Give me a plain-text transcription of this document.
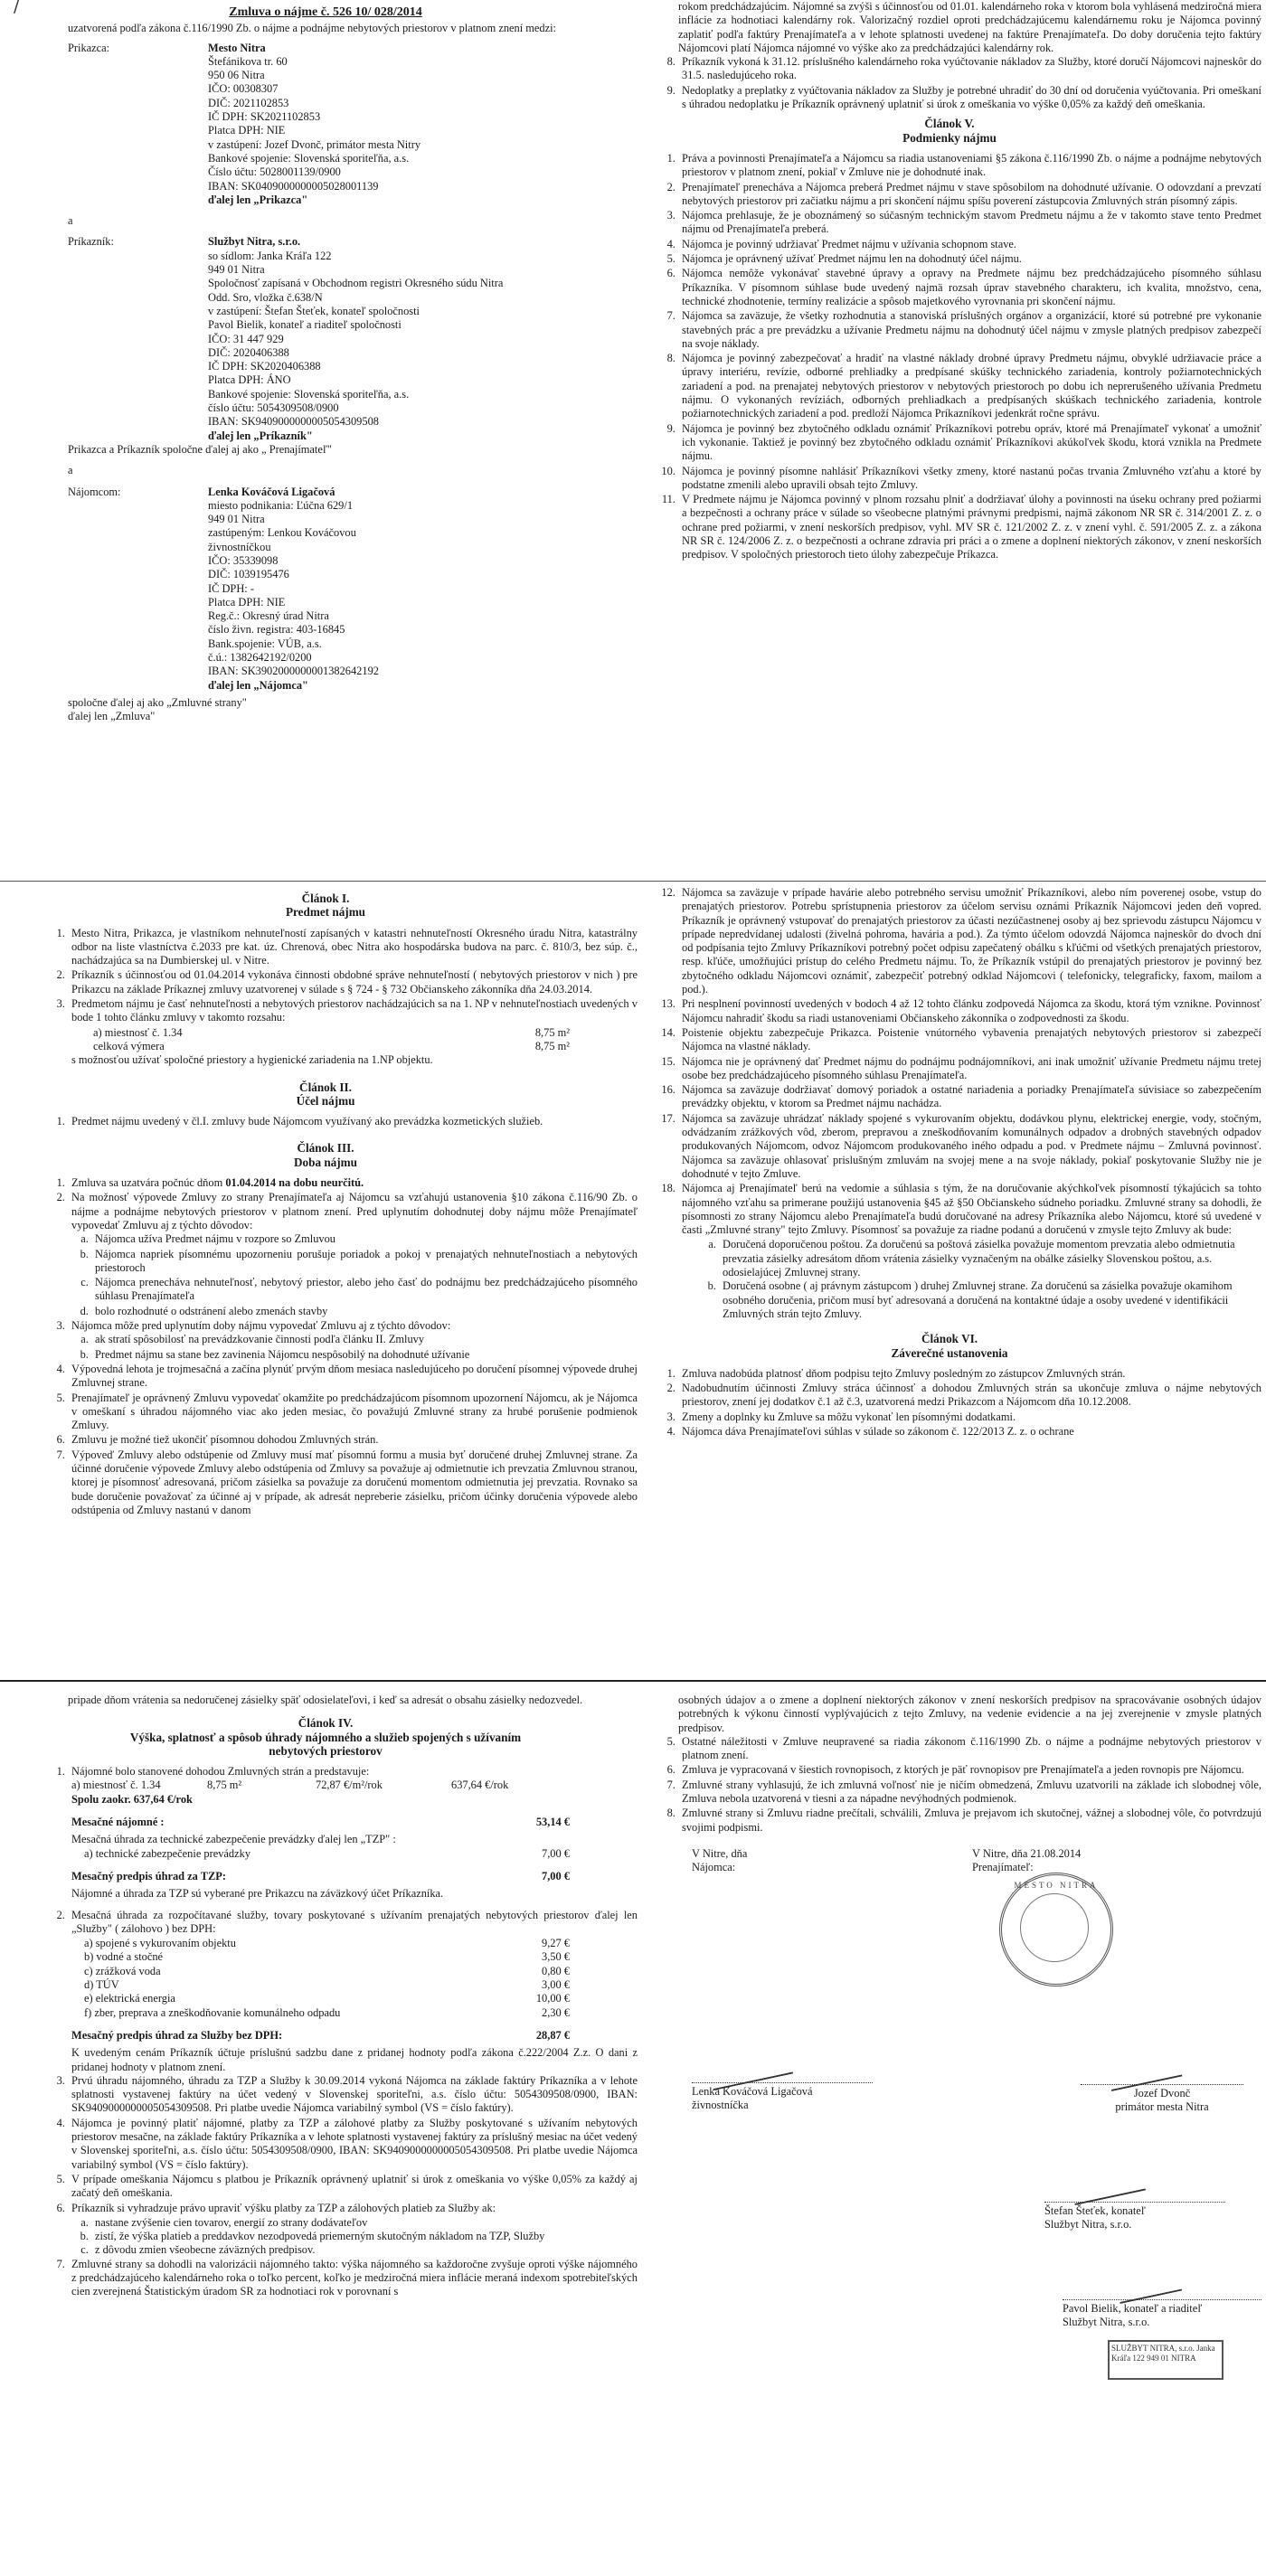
/	Zmluva o nájme č. 526 10/ 028/2014
uzatvorená podľa zákona č.116/1990 Zb. o nájme a podnájme nebytových priestorov v platnom znení medzi:
Prikazca:	Mesto Nitra
Štefánikova tr. 60
950 06 Nitra
IČO: 00308307
DIČ: 2021102853
IČ DPH: SK2021102853
Platca DPH: NIE
v zastúpení: Jozef Dvonč, primátor mesta Nitry
Bankové spojenie: Slovenská sporiteľňa, a.s.
Číslo účtu: 5028001139/0900
IBAN: SK0409000000005028001139
ďalej len „Prikazca"
a
Príkazník:	Službyt Nitra, s.r.o.
so sídlom: Janka Kráľa 122
949 01 Nitra
Spoločnosť zapísaná v Obchodnom registri Okresného súdu Nitra
Odd. Sro, vložka č.638/N
v zastúpení: Štefan Šteťek, konateľ spoločnosti
Pavol Bielik, konateľ a riaditeľ spoločnosti
IČO: 31 447 929
DIČ: 2020406388
IČ DPH: SK2020406388
Platca DPH: ÁNO
Bankové spojenie: Slovenská sporiteľňa, a.s.
číslo účtu: 5054309508/0900
IBAN: SK9409000000005054309508
ďalej len „Príkazník"
Prikazca a Príkazník spoločne ďalej aj ako „ Prenajímateľ"
a
Nájomcom:	Lenka Kováčová Ligačová
miesto podnikania: Ľúčna 629/1
949 01 Nitra
zastúpeným: Lenkou Kováčovou
živnostníčkou
IČO: 35339098
DIČ: 1039195476
IČ DPH: -
Platca DPH: NIE
Reg.č.: Okresný úrad Nitra
číslo živn. registra: 403-16845
Bank.spojenie: VÚB, a.s.
č.ú.: 1382642192/0200
IBAN: SK3902000000001382642192
ďalej len „Nájomca"
spoločne ďalej aj ako „Zmluvné strany"
ďalej len „Zmluva"
rokom predchádzajúcim. Nájomné sa zvýši s účinnosťou od 01.01. kalendárneho roka v ktorom bola vyhlásená medziročná miera inflácie za hodnotiaci kalendárny rok. Valorizačný rozdiel oproti predchádzajúcemu kalendárnemu roku je Nájomca povinný zaplatiť podľa faktúry Prenajímateľa a v lehote splatnosti uvedenej na faktúre Prenajímateľa. Do doby doručenia tejto faktúry Nájomcovi platí Nájomca nájomné vo výške ako za predchádzajúci kalendárny rok.
8. Príkazník vykoná k 31.12. príslušného kalendárneho roka vyúčtovanie nákladov za Služby, ktoré doručí Nájomcovi najneskôr do 31.5. nasledujúceho roka.
9. Nedoplatky a preplatky z vyúčtovania nákladov za Služby je potrebné uhradiť do 30 dní od doručenia vyúčtovania. Pri omeškaní s úhradou nedoplatku je Príkazník oprávnený uplatniť si úrok z omeškania vo výške 0,05% za každý deň omeškania.
Článok V.
Podmienky nájmu
1. Práva a povinnosti Prenajímateľa a Nájomcu sa riadia ustanoveniami §5 zákona č.116/1990 Zb. o nájme a podnájme nebytových priestorov v platnom znení, pokiaľ v Zmluve nie je dohodnuté inak.
2. Prenajímateľ prenecháva a Nájomca preberá Predmet nájmu v stave spôsobilom na dohodnuté užívanie. O odovzdaní a prevzatí nebytových priestorov pri začiatku nájmu a pri skončení nájmu spíšu poverení zástupcovia Zmluvných strán písomný zápis.
3. Nájomca prehlasuje, že je oboznámený so súčasným technickým stavom Predmetu nájmu a že v takomto stave tento Predmet nájmu od Prenajímateľa preberá.
4. Nájomca je povinný udržiavať Predmet nájmu v užívania schopnom stave.
5. Nájomca je oprávnený užívať Predmet nájmu len na dohodnutý účel nájmu.
6. Nájomca nemôže vykonávať stavebné úpravy a opravy na Predmete nájmu bez predchádzajúceho písomného súhlasu Príkazníka. V písomnom súhlase bude uvedený najmä rozsah úprav stavebného charakteru, ich kvalita, množstvo, cena, technické zhodnotenie, termíny realizácie a spôsob majetkového vyrovnania pri skončení nájmu.
7. Nájomca sa zaväzuje, že všetky rozhodnutia a stanoviská príslušných orgánov a organizácií, ktoré sú potrebné pre vykonanie stavebných prác a pre prevádzku a užívanie Predmetu nájmu na dohodnutý účel nájmu v zmysle platných predpisov zabezpečí na svoje náklady.
8. Nájomca je povinný zabezpečovať a hradiť na vlastné náklady drobné úpravy Predmetu nájmu, obvyklé udržiavacie práce a úpravy interiéru, revízie, odborné prehliadky a predpísané skúšky technického zariadenia, kontroly požiarnotechnických zariadení a pod. na prenajatej nebytových priestorov v nebytových priestoroch po dobu ich neprerušeného užívania Predmetu nájmu. O vykonaných revíziách, odborných prehliadkach a predpísaných skúškach technického zariadenia, kontrole požiarnotechnických zariadení a pod. predloží Nájomca Príkazníkovi jedenkrát ročne správu.
9. Nájomca je povinný bez zbytočného odkladu oznámiť Príkazníkovi potrebu opráv, ktoré má Prenajímateľ vykonať a umožniť ich vykonanie. Taktiež je povinný bez zbytočného odkladu oznámiť Príkazníkovi akúkoľvek škodu, ktorá vznikla na Predmete nájmu.
10. Nájomca je povinný písomne nahlásiť Príkazníkovi všetky zmeny, ktoré nastanú počas trvania Zmluvného vzťahu a ktoré by podstatne zmenili alebo upravili obsah tejto Zmluvy.
11. V Predmete nájmu je Nájomca povinný v plnom rozsahu plniť a dodržiavať úlohy a povinnosti na úseku ochrany pred požiarmi a bezpečnosti a ochrany práce v súlade so všeobecne platnými právnymi predpismi, najmä zákonom NR SR č. 314/2001 Z. z. o ochrane pred požiarmi, v znení neskorších predpisov, vyhl. MV SR č. 121/2002 Z. z. v znení vyhl. č. 591/2005 Z. z. a zákona NR SR č. 124/2006 Z. z. o bezpečnosti a ochrane zdravia pri práci a o zmene a doplnení niektorých zákonov, v znení neskorších predpisov. V spoločných priestoroch tieto úlohy zabezpečuje Príkazca.
Článok I.
Predmet nájmu
1. Mesto Nitra, Prikazca, je vlastníkom nehnuteľností zapísaných v katastri nehnuteľností Okresného úradu Nitra, katastrálny odbor na liste vlastníctva č.2033 pre kat. úz. Chrenová, obec Nitra ako hospodárska budova na parc. č. 810/3, bez súp. č., nachádzajúca sa na Dumbierskej ul. v Nitre.
2. Príkazník s účinnosťou od 01.04.2014 vykonáva činnosti obdobné správe nehnuteľností ( nebytových priestorov v nich ) pre Prikazcu na základe Príkaznej zmluvy uzatvorenej v súlade s § 724 - § 732 Občianskeho zákonníka dňa 24.03.2014.
3. Predmetom nájmu je časť nehnuteľnosti a nebytových priestorov nachádzajúcich sa na 1. NP v nehnuteľnostiach uvedených v bode 1 tohto článku zmluvy v takomto rozsahu:
a) miestnosť č. 1.34	8,75 m²
celková výmera	8,75 m²
s možnosťou užívať spoločné priestory a hygienické zariadenia na 1.NP objektu.
Článok II.
Účel nájmu
1. Predmet nájmu uvedený v čl.I. zmluvy bude Nájomcom využívaný ako prevádzka kozmetických služieb.
Článok III.
Doba nájmu
1. Zmluva sa uzatvára počnúc dňom 01.04.2014 na dobu neurčitú.
2. Na možnosť výpovede Zmluvy zo strany Prenajímateľa aj Nájomcu sa vzťahujú ustanovenia §10 zákona č.116/90 Zb. o nájme a podnájme nebytových priestorov v platnom znení. Pred uplynutím dohodnutej doby nájmu môže Prenajímateľ vypovedať Zmluvu aj z týchto dôvodov:
a. Nájomca užíva Predmet nájmu v rozpore so Zmluvou
b. Nájomca napriek písomnému upozorneniu porušuje poriadok a pokoj v prenajatých nehnuteľnostiach a nebytových priestoroch
c. Nájomca prenecháva nehnuteľnosť, nebytový priestor, alebo jeho časť do podnájmu bez predchádzajúceho písomného súhlasu Prenajímateľa
d. bolo rozhodnuté o odstránení alebo zmenách stavby
3. Nájomca môže pred uplynutím doby nájmu vypovedať Zmluvu aj z týchto dôvodov:
a. ak stratí spôsobilosť na prevádzkovanie činnosti podľa článku II. Zmluvy
b. Predmet nájmu sa stane bez zavinenia Nájomcu nespôsobilý na dohodnuté užívanie
4. Výpovedná lehota je trojmesačná a začína plynúť prvým dňom mesiaca nasledujúceho po doručení písomnej výpovede druhej Zmluvnej strane.
5. Prenajímateľ je oprávnený Zmluvu vypovedať okamžite po predchádzajúcom písomnom upozornení Nájomcu, ak je Nájomca v omeškaní s úhradou nájomného viac ako jeden mesiac, čo považujú Zmluvné strany za hrubé porušenie podmienok Zmluvy.
6. Zmluvu je možné tiež ukončiť písomnou dohodou Zmluvných strán.
7. Výpoveď Zmluvy alebo odstúpenie od Zmluvy musí mať písomnú formu a musia byť doručené druhej Zmluvnej strane. Za účinné doručenie výpovede Zmluvy alebo odstúpenia od Zmluvy sa považuje aj odmietnutie ich prevzatia Zmluvnou stranou, ktorej je písomnosť adresovaná, pričom zásielka sa považuje za doručenú momentom odmietnutia jej prevzatia. Rovnako sa bude doručenie považovať za účinné aj v prípade, ak adresát nepreberie zásielku, pričom účinky doručenia výpovede alebo odstúpenia od Zmluvy nastanú v danom
12. Nájomca sa zaväzuje v prípade havárie alebo potrebného servisu umožniť Príkazníkovi, alebo ním poverenej osobe, vstup do prenajatých priestorov. Potrebu sprístupnenia priestorov za účelom servisu oznámi Príkazník Nájomcovi jeden deň vopred. Príkazník je oprávnený vstupovať do prenajatých priestorov za účasti nezúčastnenej osoby aj bez sprievodu zástupcu Nájomcu v prípade nepredvídanej udalosti (živelná pohroma, havária a pod.). Za týmto účelom odovzdá Nájomca najneskôr do dvoch dní od podpísania tejto Zmluvy Príkazníkovi potrebný počet odpisu zapečatený obálku s kľúčmi od všetkých prenajatých priestorov, resp. kľúče, umožňujúci prístup do celého Predmetu nájmu. To, že Príkazník vstúpil do prenajatých priestorov je povinný bez zbytočného odkladu Nájomcovi oznámiť, zabezpečiť potrebný odklad Nájomcovi ( telefonicky, telegraficky, faxom, mailom a pod.).
13. Pri nesplnení povinností uvedených v bodoch 4 až 12 tohto článku zodpovedá Nájomca za škodu, ktorá tým vznikne. Povinnosť Nájomcu nahradiť škodu sa riadi ustanoveniami Občianskeho zákonníka o zodpovednosti za škodu.
14. Poistenie objektu zabezpečuje Prikazca. Poistenie vnútorného vybavenia prenajatých nebytových priestorov si zabezpečí Nájomca na vlastné náklady.
15. Nájomca nie je oprávnený dať Predmet nájmu do podnájmu podnájomníkovi, ani inak umožniť užívanie Predmetu nájmu tretej osobe bez predchádzajúceho písomného súhlasu Prenajímateľa.
16. Nájomca sa zaväzuje dodržiavať domový poriadok a ostatné nariadenia a poriadky Prenajímateľa súvisiace so zabezpečením prevádzky objektu, v ktorom sa Predmet nájmu nachádza.
17. Nájomca sa zaväzuje uhrádzať náklady spojené s vykurovaním objektu, dodávkou plynu, elektrickej energie, vody, stočným, odvádzaním zrážkových vôd, zberom, prepravou a zneškodňovaním komunálnych odpadov a drobných stavebných odpadov produkovaných Nájomcom, odvoz Nájomcom produkovaného iného odpadu a pod. v Predmete nájmu – Zmluvná povinnosť. Nájomca sa zaväzuje ohlasovať prislušným zmluvám na svojej mene a na svoje náklady, pokiaľ poskytovanie Služby nie je dohodnuté v tejto Zmluve.
18. Nájomca aj Prenajímateľ berú na vedomie a súhlasia s tým, že na doručovanie akýchkoľvek písomností týkajúcich sa tohto nájomného vzťahu sa primerane použijú ustanovenia §45 až §50 Občianskeho súdneho poriadku. Zmluvné strany sa dohodli, že písomnosti zo strany Nájomcu alebo Prenajímateľa budú doručované na adresy Príkazníka alebo Nájomcu, ktoré sú uvedené v časti „Zmluvné strany" tejto Zmluvy. Písomnosť sa považuje za riadne podanú a doručenú v zmysle tejto Zmluvy ak bude:
a. Doručená doporučenou poštou. Za doručenú sa poštová zásielka považuje momentom prevzatia alebo odmietnutia prevzatia zásielky adresátom dňom vrátenia zásielky vyznačeným na obálke zásielky Slovenskou poštou, a.s. odosielajúcej Zmluvnej strany.
b. Doručená osobne ( aj právnym zástupcom ) druhej Zmluvnej strane. Za doručenú sa zásielka považuje okamihom osobného doručenia, pričom musí byť adresovaná a doručená na kontaktné údaje a osoby uvedené v identifikácii Zmluvných strán tejto Zmluvy.
Článok VI.
Záverečné ustanovenia
1. Zmluva nadobúda platnosť dňom podpisu tejto Zmluvy posledným zo zástupcov Zmluvných strán.
2. Nadobudnutím účinnosti Zmluvy stráca účinnosť a dohodou Zmluvných strán sa ukončuje zmluva o nájme nebytových priestorov, znení jej dodatkov č.1 až č.3, uzatvorená medzi Prikazcom a Nájomcom dňa 10.12.2008.
3. Zmeny a doplnky ku Zmluve sa môžu vykonať len písomnými dodatkami.
4. Nájomca dáva Prenajímateľovi súhlas v súlade so zákonom č. 122/2013 Z. z. o ochrane
pripade dňom vrátenia sa nedoručenej zásielky späť odosielateľovi, i keď sa adresát o obsahu zásielky nedozvedel.
Článok IV.
Výška, splatnosť a spôsob úhrady nájomného a služieb spojených s užívaním nebytových priestorov
1. Nájomné bolo stanovené dohodou Zmluvných strán a predstavuje:
a) miestnosť č. 1.34	8,75 m²	72,87 €/m²/rok	637,64 €/rok
Spolu zaokr. 637,64 €/rok
Mesačné nájomné :	53,14 €
Mesačná úhrada za technické zabezpečenie prevádzky ďalej len „TZP" :
a) technické zabezpečenie prevádzky	7,00 €
Mesačný predpis úhrad za TZP:	7,00 €
Nájomné a úhrada za TZP sú vyberané pre Prikazcu na záväzkový účet Príkazníka.
2. Mesačná úhrada za rozpočítavané služby, tovary poskytované s užívaním prenajatých nebytových priestorov ďalej len „Služby" ( zálohovo ) bez DPH:
a) spojené s vykurovaním objektu	9,27 €
b) vodné a stočné	3,50 €
c) zrážková voda	0,80 €
d) TÚV	3,00 €
e) elektrická energia	10,00 €
f) zber, preprava a zneškodňovanie komunálneho odpadu	2,30 €
Mesačný predpis úhrad za Služby bez DPH:	28,87 €
K uvedeným cenám Príkazník účtuje príslušnú sadzbu dane z pridanej hodnoty podľa zákona č.222/2004 Z.z. O dani z pridanej hodnoty v platnom znení.
3. Prvú úhradu nájomného, úhradu za TZP a Služby k 30.09.2014 vykoná Nájomca na základe faktúry Príkazníka a v lehote splatnosti vystavenej faktúry na účet vedený v Slovenskej sporiteľni, a.s. číslo účtu: 5054309508/0900, IBAN: SK9409000000005054309508. Pri platbe uvedie Nájomca variabilný symbol (VS = číslo faktúry).
4. Nájomca je povinný platiť nájomné, platby za TZP a zálohové platby za Služby poskytované s užívaním nebytových priestorov mesačne, na základe faktúry Príkazníka a v lehote splatnosti vystavenej faktúry za príslušný mesiac na účet vedený v Slovenskej sporiteľni, a.s. číslo účtu: 5054309508/0900, IBAN: SK9409000000005054309508. Pri platbe uvedie Nájomca variabilný symbol (VS = číslo faktúry).
5. V prípade omeškania Nájomcu s platbou je Príkazník oprávnený uplatniť si úrok z omeškania vo výške 0,05% za každý aj začatý deň omeškania.
6. Príkazník si vyhradzuje právo upraviť výšku platby za TZP a zálohových platieb za Služby ak:
a. nastane zvýšenie cien tovarov, energií zo strany dodávateľov
b. zistí, že výška platieb a preddavkov nezodpovedá priemerným skutočným nákladom na TZP, Služby
c. z dôvodu zmien všeobecne záväzných predpisov.
7. Zmluvné strany sa dohodli na valorizácii nájomného takto: výška nájomného sa každoročne zvyšuje oproti výške nájomného z predchádzajúceho kalendárneho roka o toľko percent, koľko je medziročná miera inflácie meraná indexom spotrebiteľských cien zverejnená Štatistickým úradom SR za hodnotiaci rok v porovnaní s
osobných údajov a o zmene a doplnení niektorých zákonov v znení neskorších predpisov na spracovávanie osobných údajov potrebných k výkonu činností vyplývajúcich z tejto Zmluvy, na vedenie evidencie a na jej zverejnenie v zmysle platných predpisov.
5. Ostatné náležitosti v Zmluve neupravené sa riadia zákonom č.116/1990 Zb. o nájme a podnájme nebytových priestorov v platnom znení.
6. Zmluva je vypracovaná v šiestich rovnopisoch, z ktorých je päť rovnopisov pre Prenajímateľa a jeden rovnopis pre Nájomcu.
7. Zmluvné strany vyhlasujú, že ich zmluvná voľnosť nie je ničím obmedzená, Zmluvu uzatvorili na základe ich slobodnej vôle, Zmluva nebola uzatvorená v tiesni a za nápadne nevýhodných podmienok.
8. Zmluvné strany si Zmluvu riadne prečítali, schválili, Zmluva je prejavom ich skutočnej, vážnej a slobodnej vôle, čo potvrdzujú svojimi podpismi.
V Nitre, dňa
Nájomca:
Lenka Kováčová Ligačová
živnostníčka
V Nitre, dňa 21.08.2014
Prenajímateľ:
MESTO NITRA
Jozef Dvonč
primátor mesta Nitra
Štefan Šteťek, konateľ
Službyt Nitra, s.r.o.
Pavol Bielik, konateľ a riaditeľ
Službyt Nitra, s.r.o.
SLUŽBYT NITRA, s.r.o. Janka Kráľa 122 949 01 NITRA
